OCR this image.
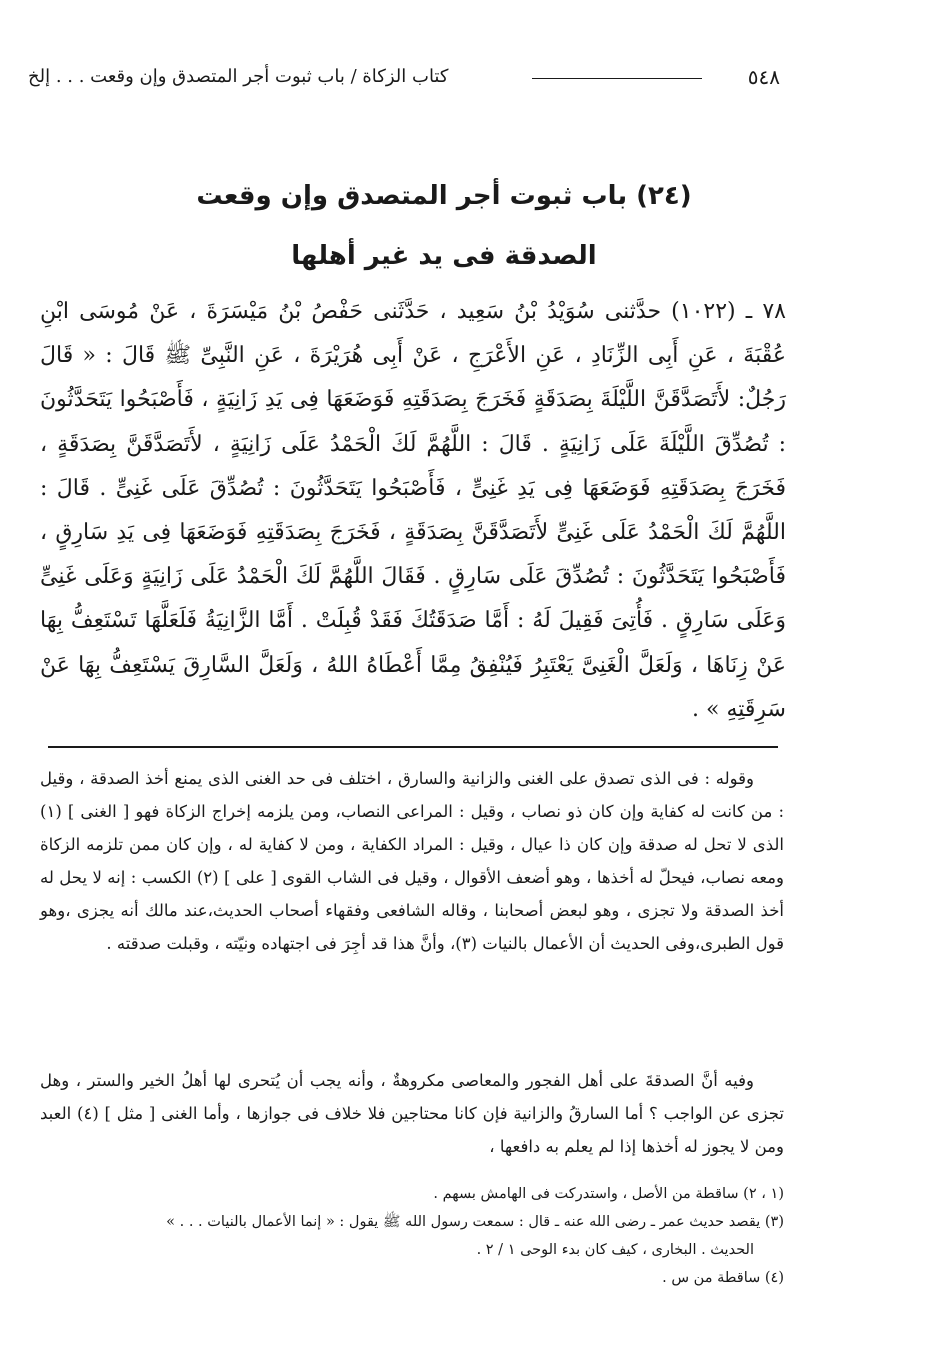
٥٤٨
كتاب الزكاة / باب ثبوت أجر المتصدق وإن وقعت . . . إلخ
(٢٤) باب ثبوت أجر المتصدق وإن وقعت
الصدقة فى يد غير أهلها

٧٨ ـ (١٠٢٢) حدَّثنى سُوَيْدُ بْنُ سَعِيد ، حَدَّثَنى حَفْصُ بْنُ مَيْسَرَةَ ، عَنْ مُوسَى ابْنِ عُقْبَةَ ، عَنِ أَبِى الزِّنَادِ ، عَنِ الأَعْرَجِ ، عَنْ أَبِى هُرَيْرَةَ ، عَنِ النَّبِىِّ ﷺ قَالَ : « قَالَ رَجُلٌ: لأَتَصَدَّقَنَّ اللَّيْلَةَ بِصَدَقَةٍ فَخَرَجَ بِصَدَقَتِهِ فَوَضَعَهَا فِى يَدِ زَانِيَةٍ ، فَأَصْبَحُوا يَتَحَدَّثُونَ : تُصُدِّقَ اللَّيْلَةَ عَلَى زَانِيَةٍ . قَالَ : اللَّهُمَّ لَكَ الْحَمْدُ عَلَى زَانِيَةٍ ، لأَتَصَدَّقَنَّ بِصَدَقَةٍ ، فَخَرَجَ بِصَدَقَتِهِ فَوَضَعَهَا فِى يَدِ غَنِىٍّ ، فَأَصْبَحُوا يَتَحَدَّثُونَ : تُصُدِّقَ عَلَى غَنِىٍّ . قَالَ : اللَّهُمَّ لَكَ الْحَمْدُ عَلَى غَنِىٍّ لأَتَصَدَّقَنَّ بِصَدَقَةٍ ، فَخَرَجَ بِصَدَقَتِهِ فَوَضَعَهَا فِى يَدِ سَارِقٍ ، فَأَصْبَحُوا يَتَحَدَّثُونَ : تُصُدِّقَ عَلَى سَارِقٍ . فَقَالَ اللَّهُمَّ لَكَ الْحَمْدُ عَلَى زَانِيَةٍ وَعَلَى غَنِىٍّ وَعَلَى سَارِقٍ . فَأُتِىَ فَقِيلَ لَهُ : أَمَّا صَدَقَتُكَ فَقَدْ قُبِلَتْ . أَمَّا الزَّانِيَةُ فَلَعَلَّهَا تَسْتَعِفُّ بِهَا عَنْ زِنَاهَا ، وَلَعَلَّ الْغَنِىَّ يَعْتَبِرُ فَيُنْفِقُ مِمَّا أَعْطَاهُ اللهُ ، وَلَعَلَّ السَّارِقَ يَسْتَعِفُّ بِهَا عَنْ سَرِقَتِهِ » .

وقوله : فى الذى تصدق على الغنى والزانية والسارق ، اختلف فى حد الغنى الذى يمنع أخذ الصدقة ، وقيل : من كانت له كفاية وإن كان ذو نصاب ، وقيل : المراعى النصاب، ومن يلزمه إخراج الزكاة فهو [ الغنى ] (١) الذى لا تحل له صدقة وإن كان ذا عيال ، وقيل : المراد الكفاية ، ومن لا كفاية له ، وإن كان ممن تلزمه الزكاة ومعه نصاب، فيحلّ له أخذها ، وهو أضعف الأقوال ، وقيل فى الشاب القوى [ على ] (٢) الكسب : إنه لا يحل له أخذ الصدقة ولا تجزى ، وهو لبعض أصحابنا ، وقاله الشافعى وفقهاء أصحاب الحديث،عند مالك أنه يجزى ،وهو قول الطبرى،وفى الحديث أن الأعمال بالنيات (٣)، وأنَّ هذا قد أجِرَ فى اجتهاده ونيّته ، وقبلت صدقته .

وفيه أنَّ الصدقةَ على أهل الفجور والمعاصى مكروهةٌ ، وأنه يجب أن يُتحرى لها أهلُ الخير والستر ، وهل تجزى عن الواجب ؟ أما السارقُ والزانية فإن كانا محتاجين فلا خلاف فى جوازها ، وأما الغنى [ مثل ] (٤) العبد ومن لا يجوز له أخذها إذا لم يعلم به دافعها ،

(١ ، ٢) ساقطة من الأصل ، واستدركت فى الهامش بسهم .

(٣) يقصد حديث عمر ـ رضى الله عنه ـ قال : سمعت رسول الله ﷺ يقول : « إنما الأعمال بالنيات . . . »

الحديث . البخارى ، كيف كان بدء الوحى ١ / ٢ .

(٤) ساقطة من س .
